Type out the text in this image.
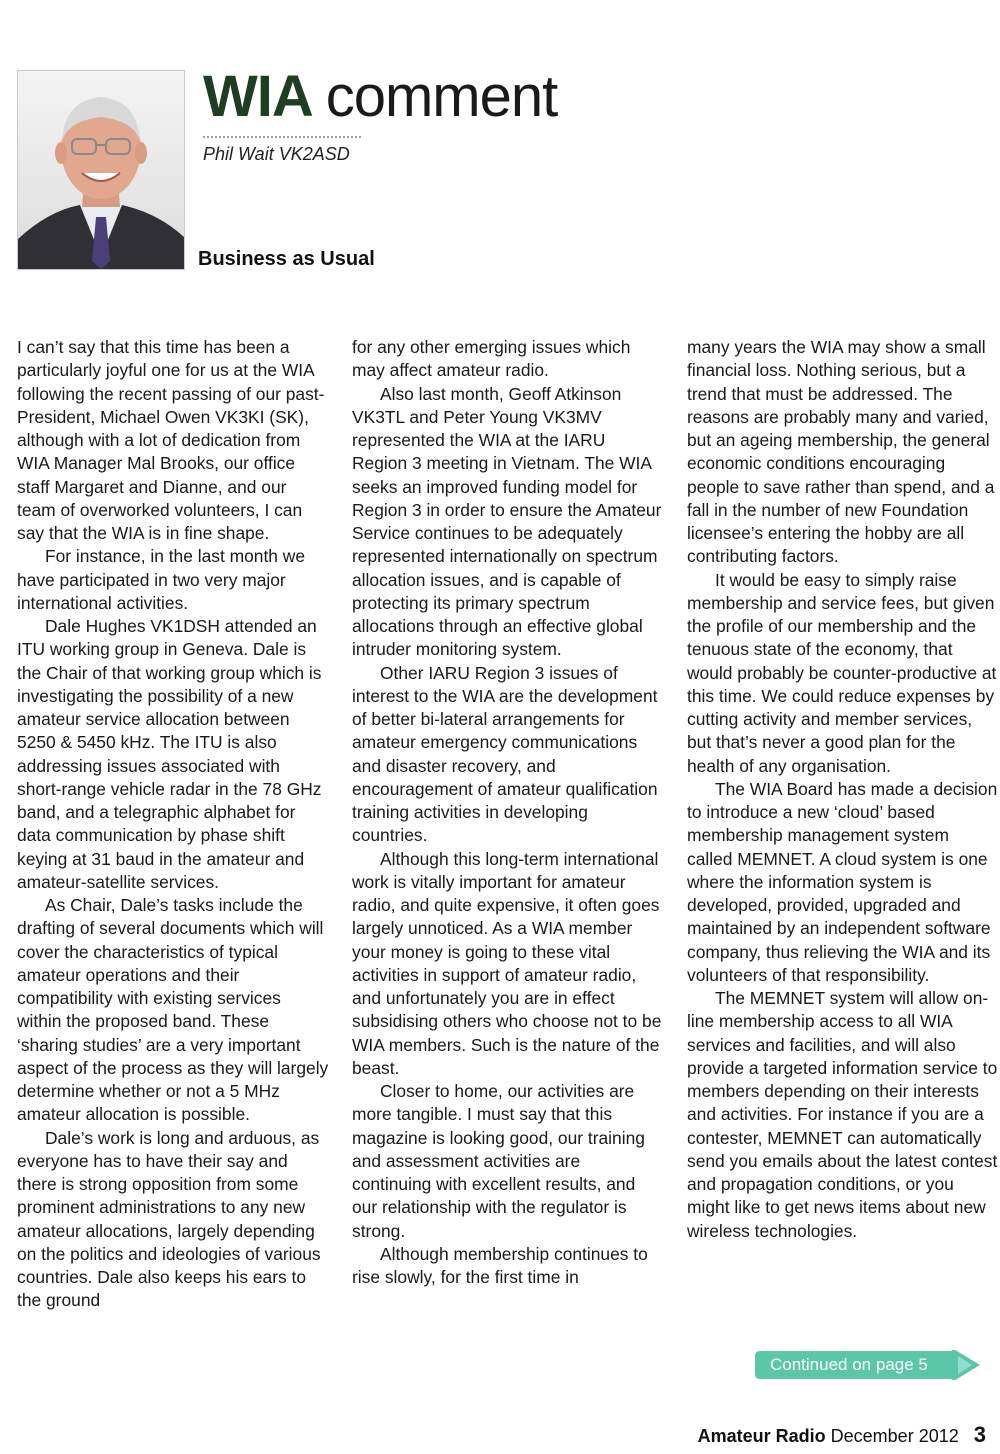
WIA comment
Phil Wait VK2ASD
Business as Usual

I can’t say that this time has been a particularly joyful one for us at the WIA following the recent passing of our past-President, Michael Owen VK3KI (SK), although with a lot of dedication from WIA Manager Mal Brooks, our office staff Margaret and Dianne, and our team of overworked volunteers, I can say that the WIA is in fine shape.

For instance, in the last month we have participated in two very major international activities.

Dale Hughes VK1DSH attended an ITU working group in Geneva. Dale is the Chair of that working group which is investigating the possibility of a new amateur service allocation between 5250 & 5450 kHz. The ITU is also addressing issues associated with short-range vehicle radar in the 78 GHz band, and a telegraphic alphabet for data communication by phase shift keying at 31 baud in the amateur and amateur-satellite services.

As Chair, Dale’s tasks include the drafting of several documents which will cover the characteristics of typical amateur operations and their compatibility with existing services within the proposed band. These ‘sharing studies’ are a very important aspect of the process as they will largely determine whether or not a 5 MHz amateur allocation is possible.

Dale’s work is long and arduous, as everyone has to have their say and there is strong opposition from some prominent administrations to any new amateur allocations, largely depending on the politics and ideologies of various countries. Dale also keeps his ears to the ground

for any other emerging issues which may affect amateur radio.

Also last month, Geoff Atkinson VK3TL and Peter Young VK3MV represented the WIA at the IARU Region 3 meeting in Vietnam. The WIA seeks an improved funding model for Region 3 in order to ensure the Amateur Service continues to be adequately represented internationally on spectrum allocation issues, and is capable of protecting its primary spectrum allocations through an effective global intruder monitoring system.

Other IARU Region 3 issues of interest to the WIA are the development of better bi-lateral arrangements for amateur emergency communications and disaster recovery, and encouragement of amateur qualification training activities in developing countries.

Although this long-term international work is vitally important for amateur radio, and quite expensive, it often goes largely unnoticed. As a WIA member your money is going to these vital activities in support of amateur radio, and unfortunately you are in effect subsidising others who choose not to be WIA members. Such is the nature of the beast.

Closer to home, our activities are more tangible. I must say that this magazine is looking good, our training and assessment activities are continuing with excellent results, and our relationship with the regulator is strong.

Although membership continues to rise slowly, for the first time in

many years the WIA may show a small financial loss. Nothing serious, but a trend that must be addressed. The reasons are probably many and varied, but an ageing membership, the general economic conditions encouraging people to save rather than spend, and a fall in the number of new Foundation licensee’s entering the hobby are all contributing factors.

It would be easy to simply raise membership and service fees, but given the profile of our membership and the tenuous state of the economy, that would probably be counter-productive at this time. We could reduce expenses by cutting activity and member services, but that’s never a good plan for the health of any organisation.

The WIA Board has made a decision to introduce a new ‘cloud’ based membership management system called MEMNET. A cloud system is one where the information system is developed, provided, upgraded and maintained by an independent software company, thus relieving the WIA and its volunteers of that responsibility.

The MEMNET system will allow on-line membership access to all WIA services and facilities, and will also provide a targeted information service to members depending on their interests and activities. For instance if you are a contester, MEMNET can automatically send you emails about the latest contest and propagation conditions, or you might like to get news items about new wireless technologies.

Continued on page 5
Amateur Radio December 2012 3
